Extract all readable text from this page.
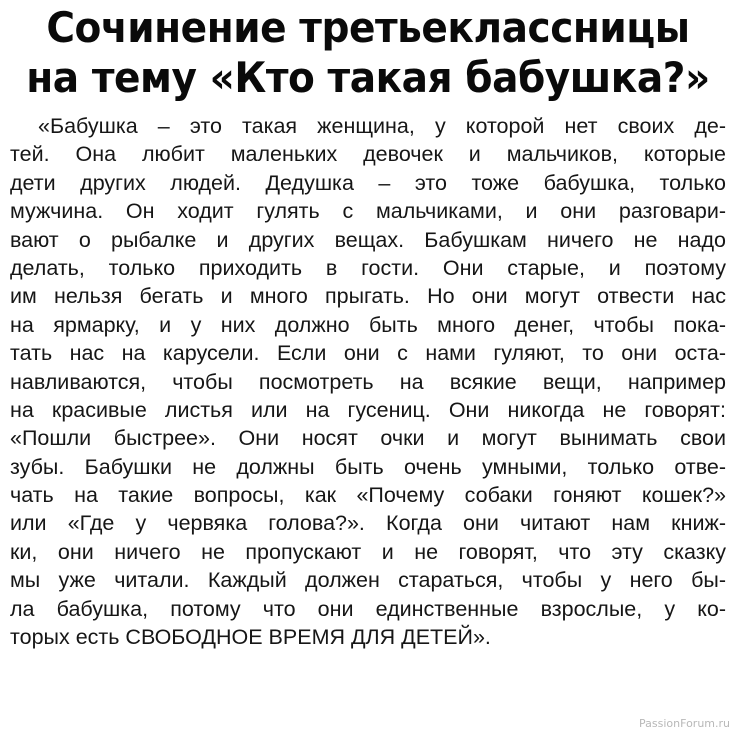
Сочинение третьеклассницы
на тему «Кто такая бабушка?»
«Бабушка – это такая женщина, у которой нет своих де-
тей. Она любит маленьких девочек и мальчиков, которые
дети других людей. Дедушка – это тоже бабушка, только
мужчина. Он ходит гулять с мальчиками, и они разговари-
вают о рыбалке и других вещах. Бабушкам ничего не надо
делать, только приходить в гости. Они старые, и поэтому
им нельзя бегать и много прыгать. Но они могут отвести нас
на ярмарку, и у них должно быть много денег, чтобы пока-
тать нас на карусели. Если они с нами гуляют, то они оста-
навливаются, чтобы посмотреть на всякие вещи, например
на красивые листья или на гусениц. Они никогда не говорят:
«Пошли быстрее». Они носят очки и могут вынимать свои
зубы. Бабушки не должны быть очень умными, только отве-
чать на такие вопросы, как «Почему собаки гоняют кошек?»
или «Где у червяка голова?». Когда они читают нам книж-
ки, они ничего не пропускают и не говорят, что эту сказку
мы уже читали. Каждый должен стараться, чтобы у него бы-
ла бабушка, потому что они единственные взрослые, у ко-
торых есть СВОБОДНОЕ ВРЕМЯ ДЛЯ ДЕТЕЙ».
PassionForum.ru
